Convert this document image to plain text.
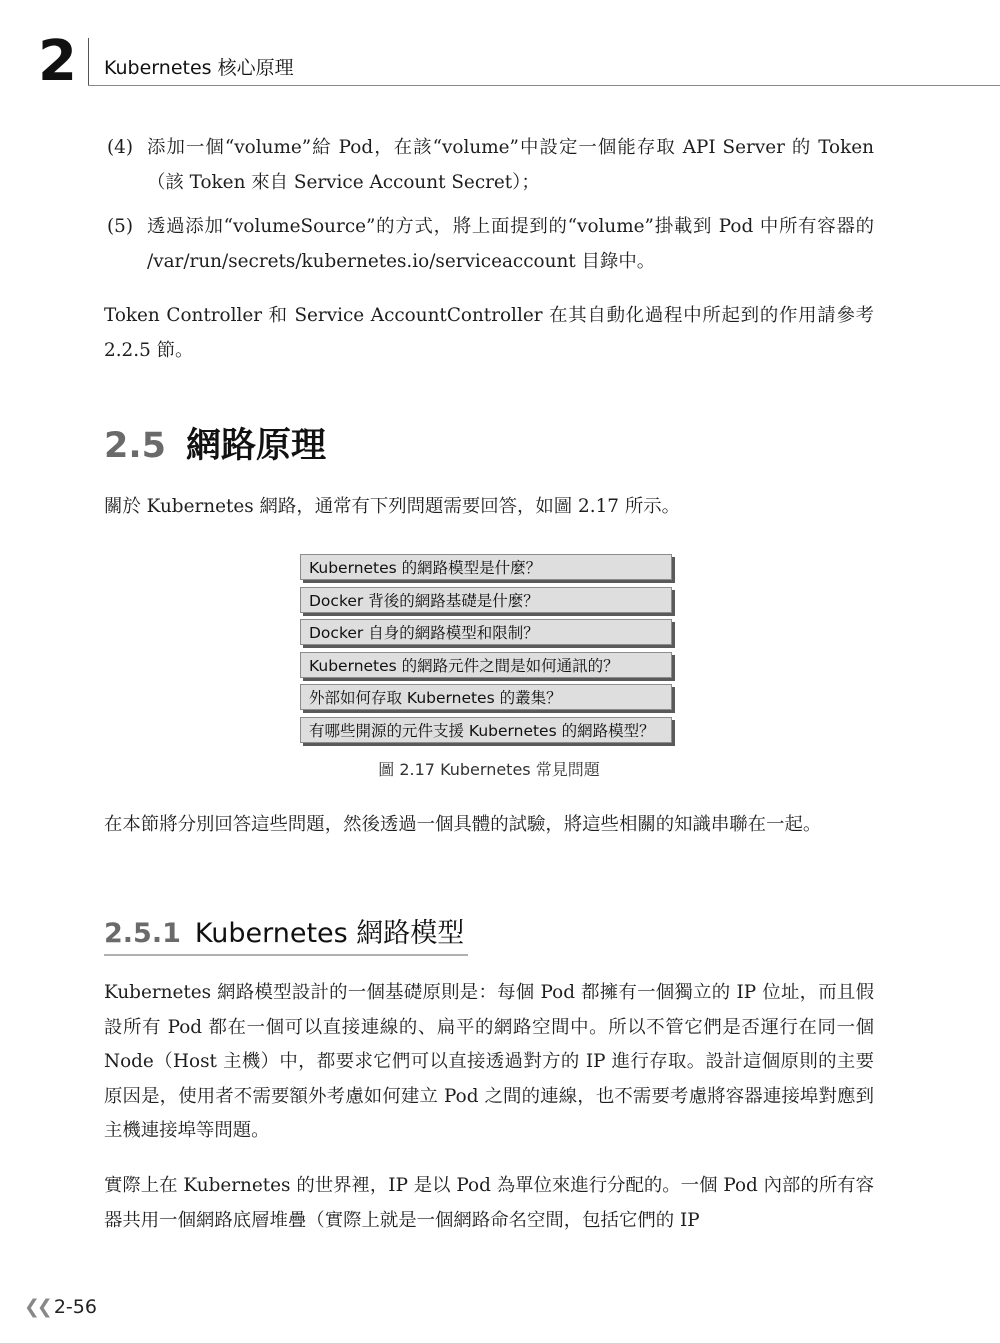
2 Kubernetes 核心原理
(4) 添加一個“volume”給 Pod，在該“volume”中設定一個能存取 API Server 的 Token（該 Token 來自 Service Account Secret）；
(5) 透過添加“volumeSource”的方式，將上面提到的“volume”掛載到 Pod 中所有容器的 /var/run/secrets/kubernetes.io/serviceaccount 目錄中。

Token Controller 和 Service AccountController 在其自動化過程中所起到的作用請參考 2.2.5 節。

2.5 網路原理

關於 Kubernetes 網路，通常有下列問題需要回答，如圖 2.17 所示。

Kubernetes 的網路模型是什麼？
Docker 背後的網路基礎是什麼？
Docker 自身的網路模型和限制？
Kubernetes 的網路元件之間是如何通訊的？
外部如何存取 Kubernetes 的叢集？
有哪些開源的元件支援 Kubernetes 的網路模型？
圖 2.17 Kubernetes 常見問題

在本節將分別回答這些問題，然後透過一個具體的試驗，將這些相關的知識串聯在一起。

2.5.1 Kubernetes 網路模型

Kubernetes 網路模型設計的一個基礎原則是：每個 Pod 都擁有一個獨立的 IP 位址，而且假設所有 Pod 都在一個可以直接連線的、扁平的網路空間中。所以不管它們是否運行在同一個 Node（Host 主機）中，都要求它們可以直接透過對方的 IP 進行存取。設計這個原則的主要原因是，使用者不需要額外考慮如何建立 Pod 之間的連線，也不需要考慮將容器連接埠對應到主機連接埠等問題。

實際上在 Kubernetes 的世界裡，IP 是以 Pod 為單位來進行分配的。一個 Pod 內部的所有容器共用一個網路底層堆疊（實際上就是一個網路命名空間，包括它們的 IP

❮❮ 2-56
